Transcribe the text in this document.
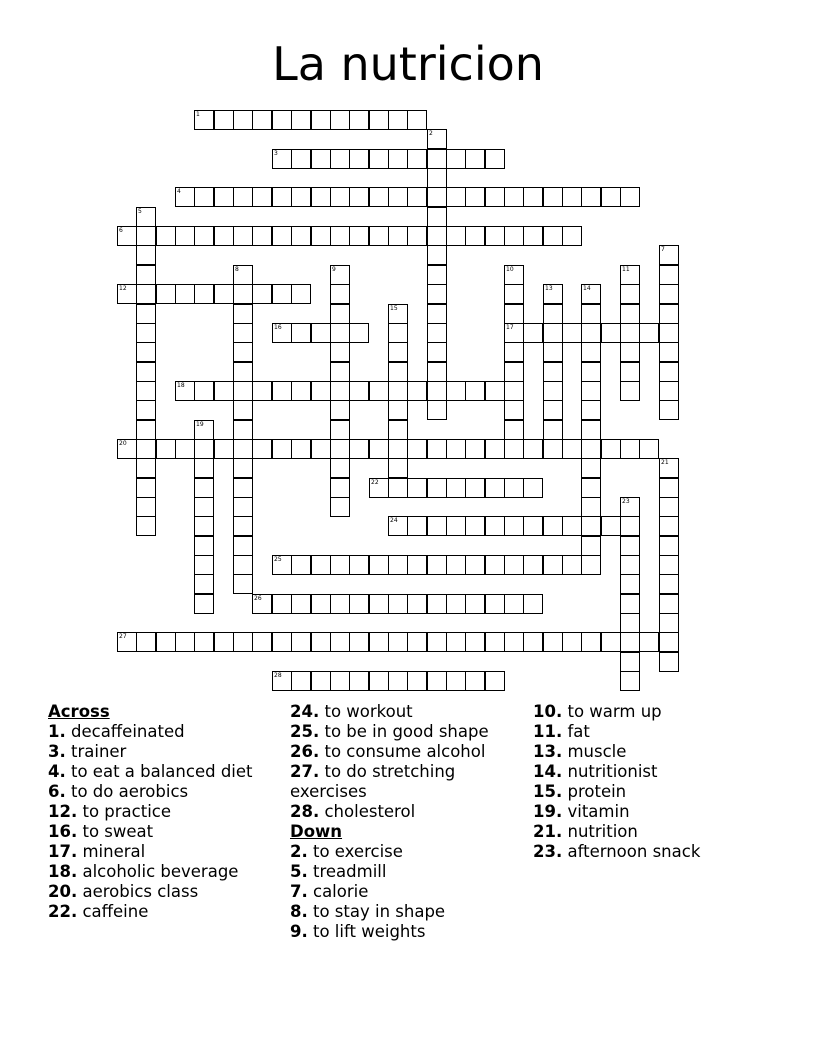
La nutricion
1
2
3
4
5
6
7
8	9	10
17
11
12	13	14
15
16
18
19
20
21
22
23
24
25
26
27
28
Across
1. decaffeinated
3. trainer
4. to eat a balanced diet
6. to do aerobics
12. to practice
16. to sweat
17. mineral
18. alcoholic beverage
20. aerobics class
22. caffeine
24. to workout
25. to be in good shape
26. to consume alcohol
27. to do stretching exercises
28. cholesterol
Down
2. to exercise
5. treadmill
7. calorie
8. to stay in shape
9. to lift weights
10. to warm up
11. fat
13. muscle
14. nutritionist
15. protein
19. vitamin
21. nutrition
23. afternoon snack
